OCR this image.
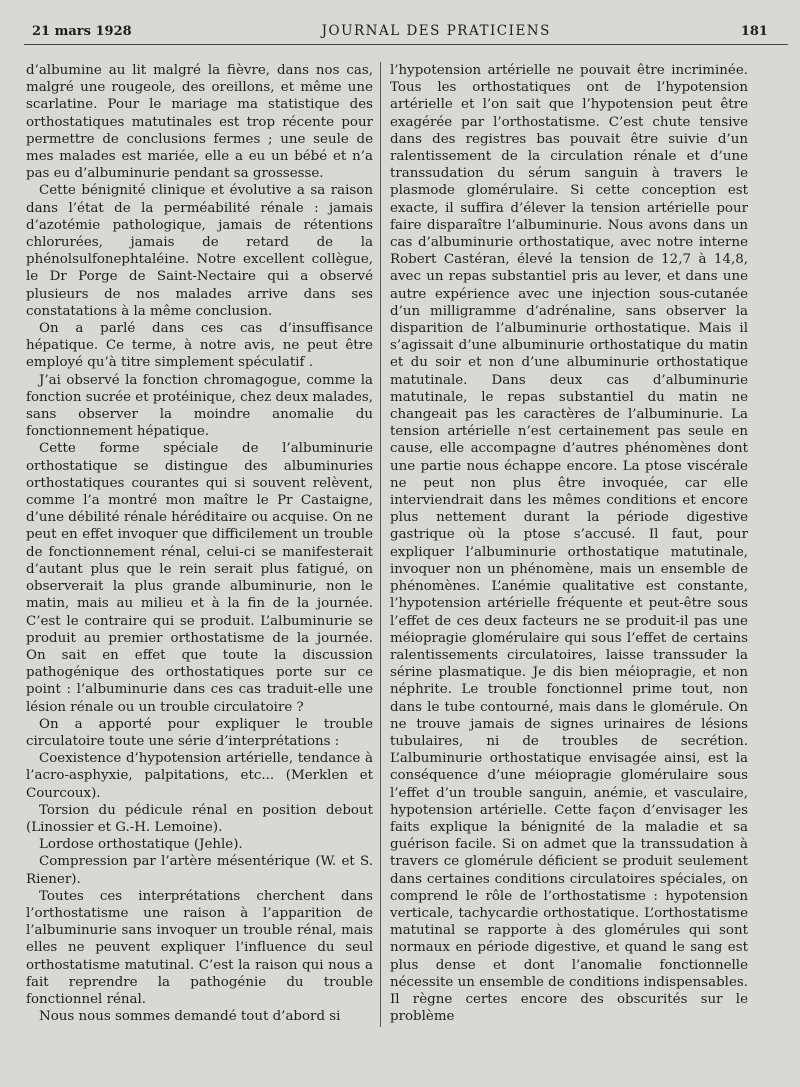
21 mars 1928	JOURNAL DES PRATICIENS	181

d’albumine au lit malgré la fièvre, dans nos cas, malgré une rougeole, des oreillons, et même une scarlatine. Pour le mariage ma statistique des orthostatiques matutinales est trop récente pour permettre de conclusions fermes ; une seule de mes malades est mariée, elle a eu un bébé et n’a pas eu d’albuminurie pendant sa grossesse.

Cette bénignité clinique et évolutive a sa raison dans l’état de la perméabilité rénale : jamais d’azotémie pathologique, jamais de rétentions chlorurées, jamais de retard de la phénolsulfonephtaléine. Notre excellent collègue, le Dr Porge de Saint-Nectaire qui a observé plusieurs de nos malades arrive dans ses constatations à la même conclusion.

On a parlé dans ces cas d’insuffisance hépatique. Ce terme, à notre avis, ne peut être employé qu’à titre simplement spéculatif .

J’ai observé la fonction chromagogue, comme la fonction sucrée et protéinique, chez deux malades, sans observer la moindre anomalie du fonctionnement hépatique.

Cette forme spéciale de l’albuminurie orthostatique se distingue des albuminuries orthostatiques courantes qui si souvent relèvent, comme l’a montré mon maître le Pr Castaigne, d’une débilité rénale héréditaire ou acquise. On ne peut en effet invoquer que difficilement un trouble de fonctionnement rénal, celui-ci se manifesterait d’autant plus que le rein serait plus fatigué, on observerait la plus grande albuminurie, non le matin, mais au milieu et à la fin de la journée. C’est le contraire qui se produit. L’albuminurie se produit au premier orthostatisme de la journée. On sait en effet que toute la discussion pathogénique des orthostatiques porte sur ce point : l’albuminurie dans ces cas traduit-elle une lésion rénale ou un trouble circulatoire ?

On a apporté pour expliquer le trouble circulatoire toute une série d’interprétations :

Coexistence d’hypotension artérielle, tendance à l’acro-asphyxie, palpitations, etc... (Merklen et Courcoux).

Torsion du pédicule rénal en position debout (Linossier et G.-H. Lemoine).

Lordose orthostatique (Jehle).

Compression par l’artère mésentérique (W. et S. Riener).

Toutes ces interprétations cherchent dans l’orthostatisme une raison à l’apparition de l’albuminurie sans invoquer un trouble rénal, mais elles ne peuvent expliquer l’influence du seul orthostatisme matutinal. C’est la raison qui nous a fait reprendre la pathogénie du trouble fonctionnel rénal.

Nous nous sommes demandé tout d’abord si

l’hypotension artérielle ne pouvait être incriminée. Tous les orthostatiques ont de l’hypotension artérielle et l’on sait que l’hypotension peut être exagérée par l’orthostatisme. C’est chute tensive dans des registres bas pouvait être suivie d’un ralentissement de la circulation rénale et d’une transsudation du sérum sanguin à travers le plasmode glomérulaire. Si cette conception est exacte, il suffira d’élever la tension artérielle pour faire disparaître l’albuminurie. Nous avons dans un cas d’albuminurie orthostatique, avec notre interne Robert Castéran, élevé la tension de 12,7 à 14,8, avec un repas substantiel pris au lever, et dans une autre expérience avec une injection sous-cutanée d’un milligramme d’adrénaline, sans observer la disparition de l’albuminurie orthostatique. Mais il s’agissait d’une albuminurie orthostatique du matin et du soir et non d’une albuminurie orthostatique matutinale. Dans deux cas d’albuminurie matutinale, le repas substantiel du matin ne changeait pas les caractères de l’albuminurie. La tension artérielle n’est certainement pas seule en cause, elle accompagne d’autres phénomènes dont une partie nous échappe encore. La ptose viscérale ne peut non plus être invoquée, car elle interviendrait dans les mêmes conditions et encore plus nettement durant la période digestive gastrique où la ptose s’accusé. Il faut, pour expliquer l’albuminurie orthostatique matutinale, invoquer non un phénomène, mais un ensemble de phénomènes. L’anémie qualitative est constante, l’hypotension artérielle fréquente et peut-être sous l’effet de ces deux facteurs ne se produit-il pas une méiopragie glomérulaire qui sous l’effet de certains ralentissements circulatoires, laisse transsuder la sérine plasmatique. Je dis bien méiopragie, et non néphrite. Le trouble fonctionnel prime tout, non dans le tube contourné, mais dans le glomérule. On ne trouve jamais de signes urinaires de lésions tubulaires, ni de troubles de secrétion. L’albuminurie orthostatique envisagée ainsi, est la conséquence d’une méiopragie glomérulaire sous l’effet d’un trouble sanguin, anémie, et vasculaire, hypotension artérielle. Cette façon d’envisager les faits explique la bénignité de la maladie et sa guérison facile. Si on admet que la transsudation à travers ce glomérule déficient se produit seulement dans certaines conditions circulatoires spéciales, on comprend le rôle de l’orthostatisme : hypotension verticale, tachycardie orthostatique. L’orthostatisme matutinal se rapporte à des glomérules qui sont normaux en période digestive, et quand le sang est plus dense et dont l’anomalie fonctionnelle nécessite un ensemble de conditions indispensables. Il règne certes encore des obscurités sur le problème
